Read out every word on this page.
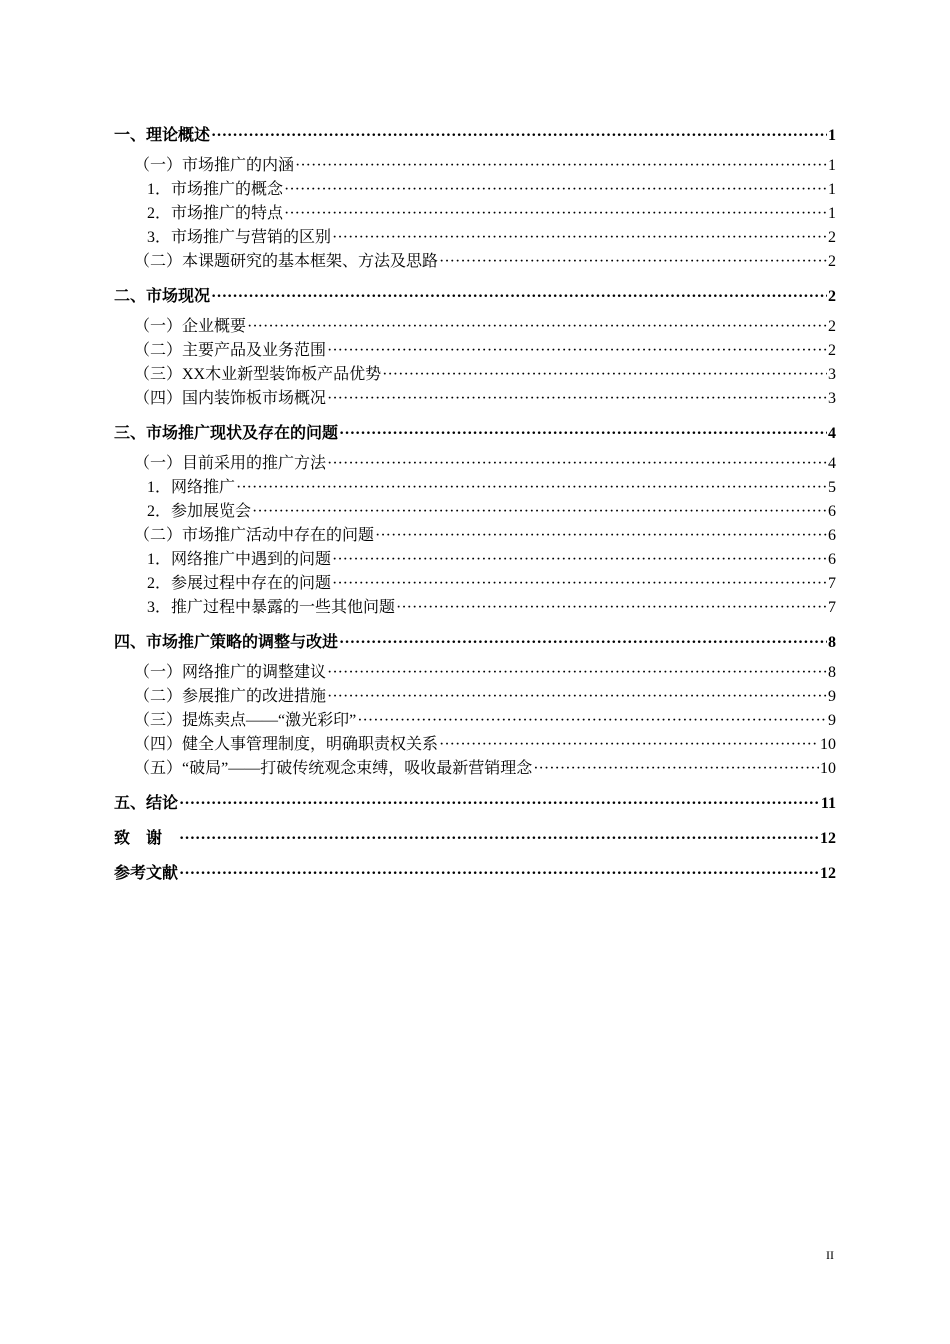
一、理论概述 ·····	1
（一）市场推广的内涵 ·····	1
1．市场推广的概念 ·····	1
2．市场推广的特点 ·····	1
3．市场推广与营销的区别 ·····	2
（二）本课题研究的基本框架、方法及思路 ·····	2
二、市场现况 ·····	2
（一）企业概要 ·····	2
（二）主要产品及业务范围 ·····	2
（三）XX木业新型装饰板产品优势 ·····	3
（四）国内装饰板市场概况 ·····	3
三、市场推广现状及存在的问题 ·····	4
（一）目前采用的推广方法 ·····	4
1．网络推广 ·····	5
2．参加展览会 ·····	6
（二）市场推广活动中存在的问题 ·····	6
1．网络推广中遇到的问题 ·····	6
2．参展过程中存在的问题 ·····	7
3．推广过程中暴露的一些其他问题 ·····	7
四、市场推广策略的调整与改进 ·····	8
（一）网络推广的调整建议 ·····	8
（二）参展推广的改进措施 ·····	9
（三）提炼卖点——“激光彩印” ·····	9
（四）健全人事管理制度，明确职责权关系 ·····	10
（五）“破局”——打破传统观念束缚，吸收最新营销理念 ·····	10
五、结论 ·····	11
致谢 ·····	12
参考文献 ·····	12
II
